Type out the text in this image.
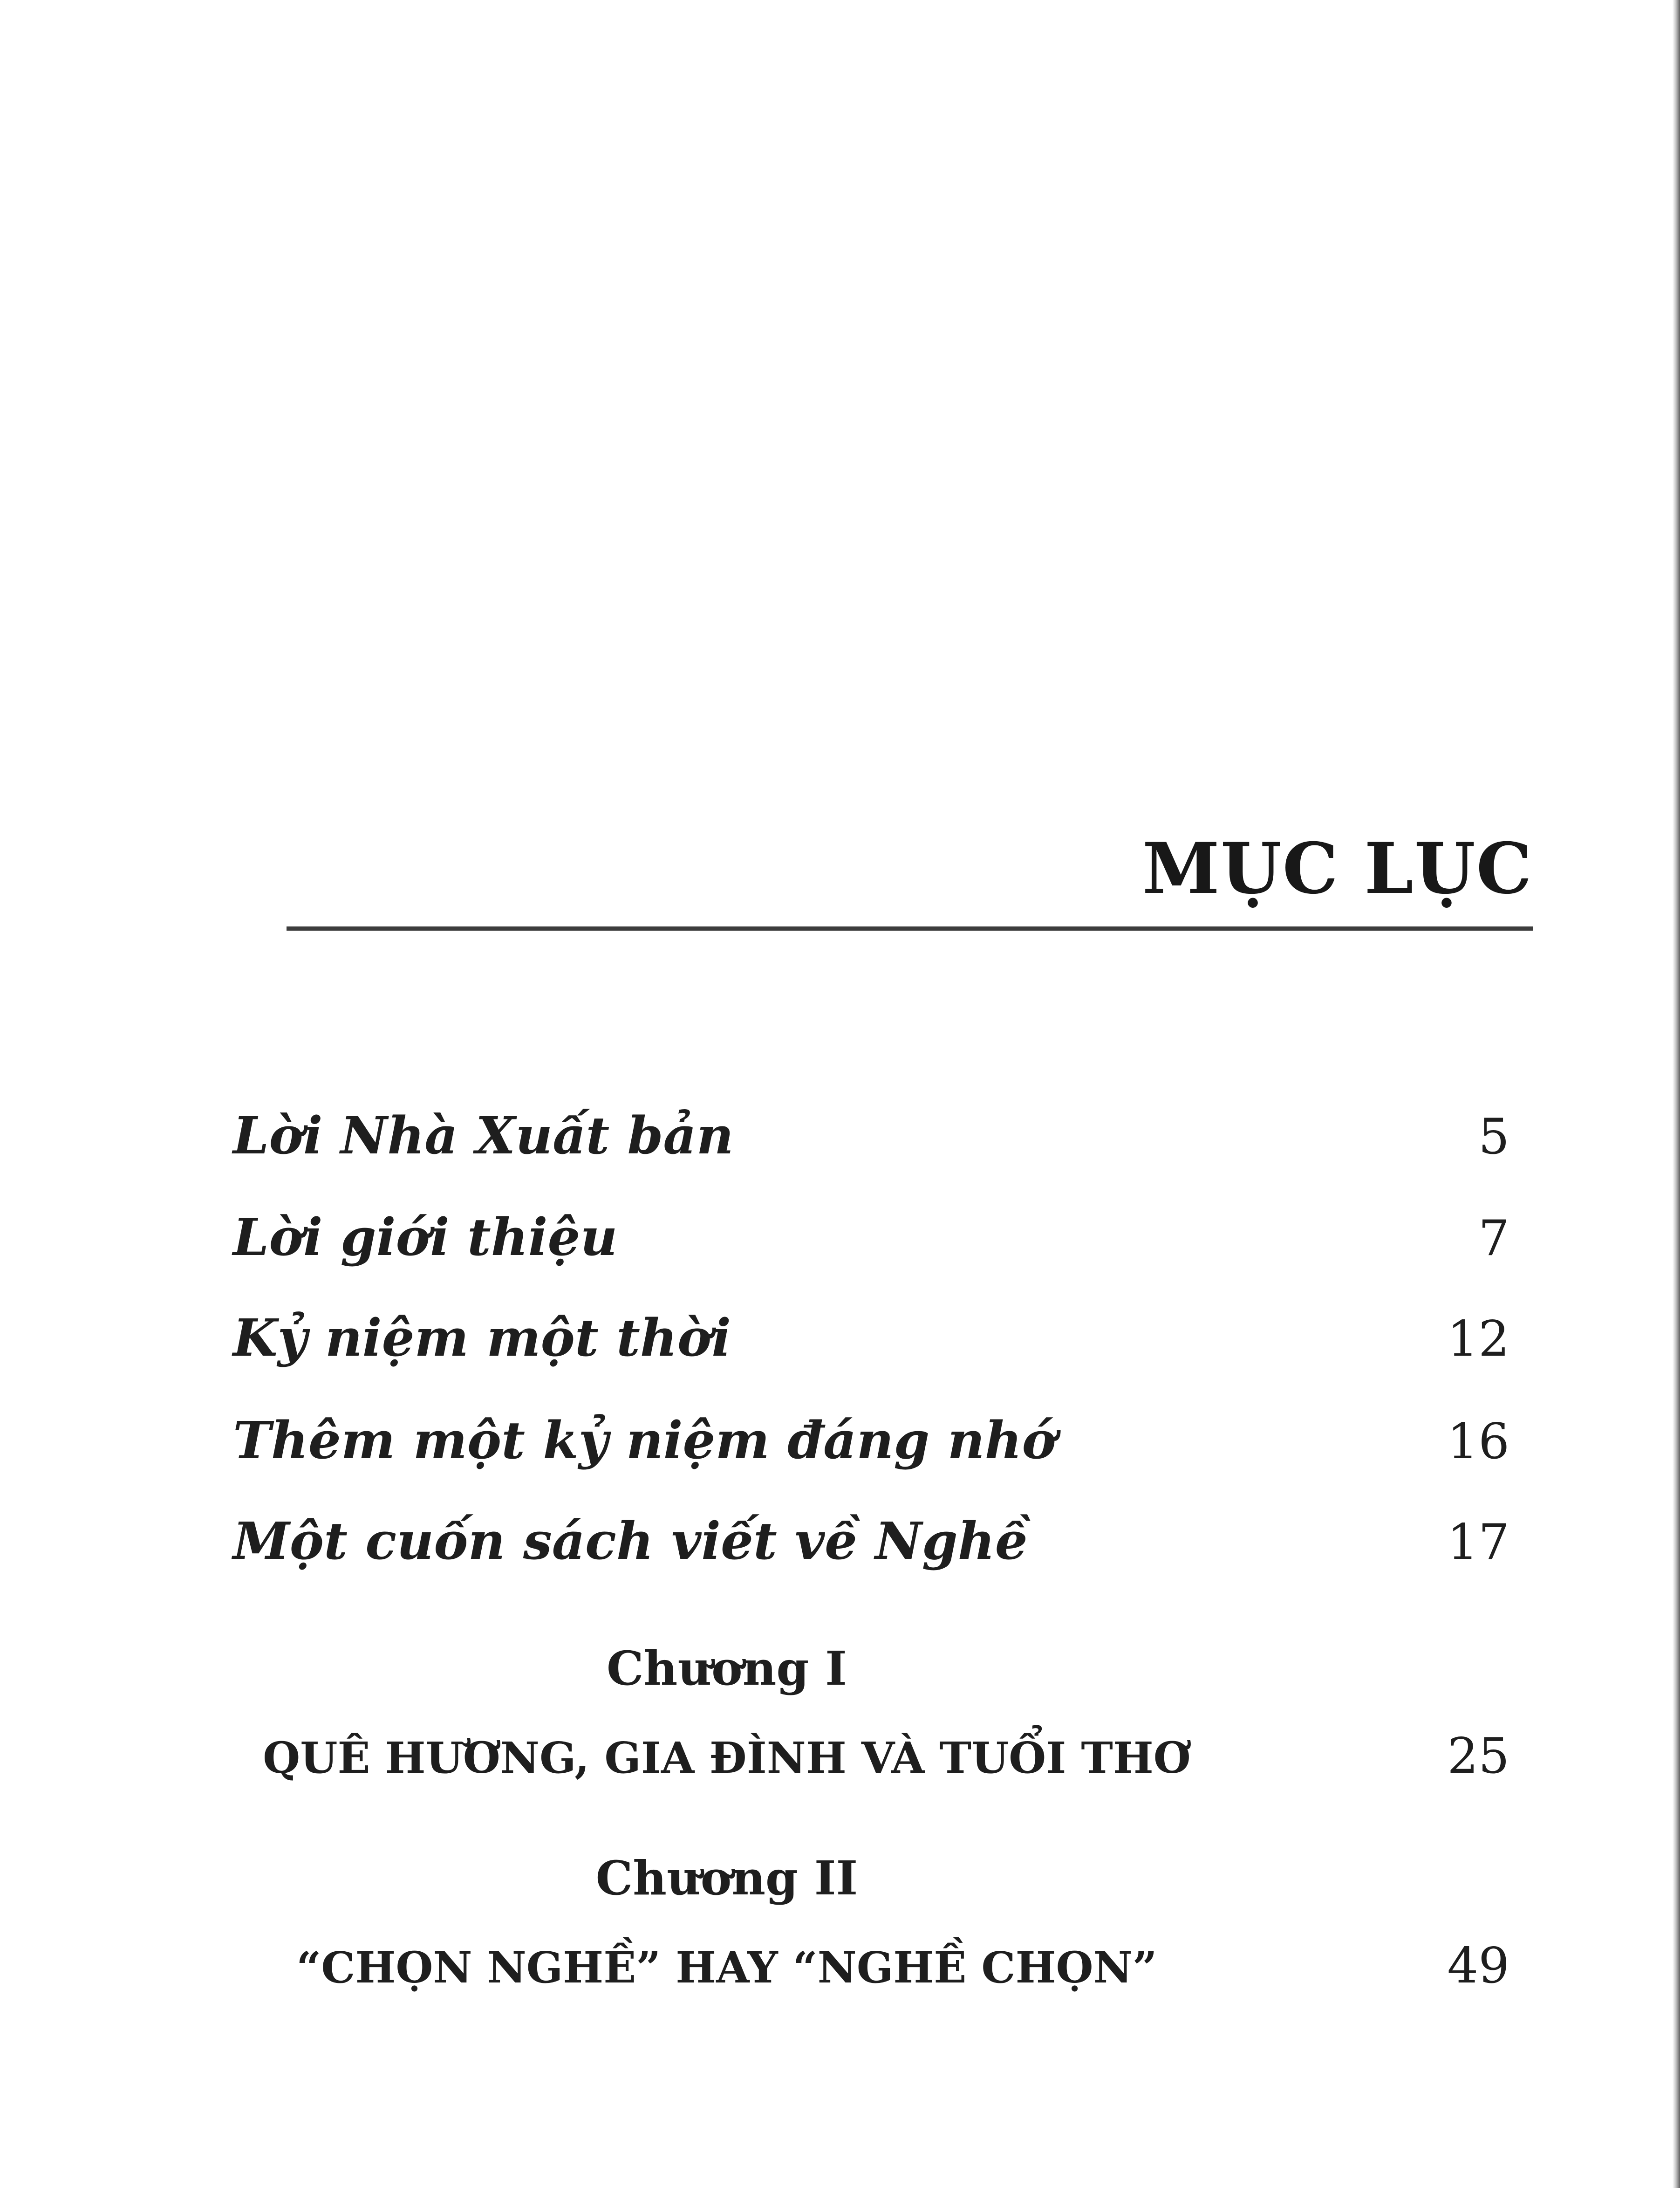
MỤC LỤC
Lời Nhà Xuất bản	5
Lời giới thiệu	7
Kỷ niệm một thời	12
Thêm một kỷ niệm đáng nhớ	16
Một cuốn sách viết về Nghề	17
Chương I
QUÊ HƯƠNG, GIA ĐÌNH VÀ TUỔI THƠ	25
Chương II
“CHỌN NGHỀ” HAY “NGHỀ CHỌN”	49
